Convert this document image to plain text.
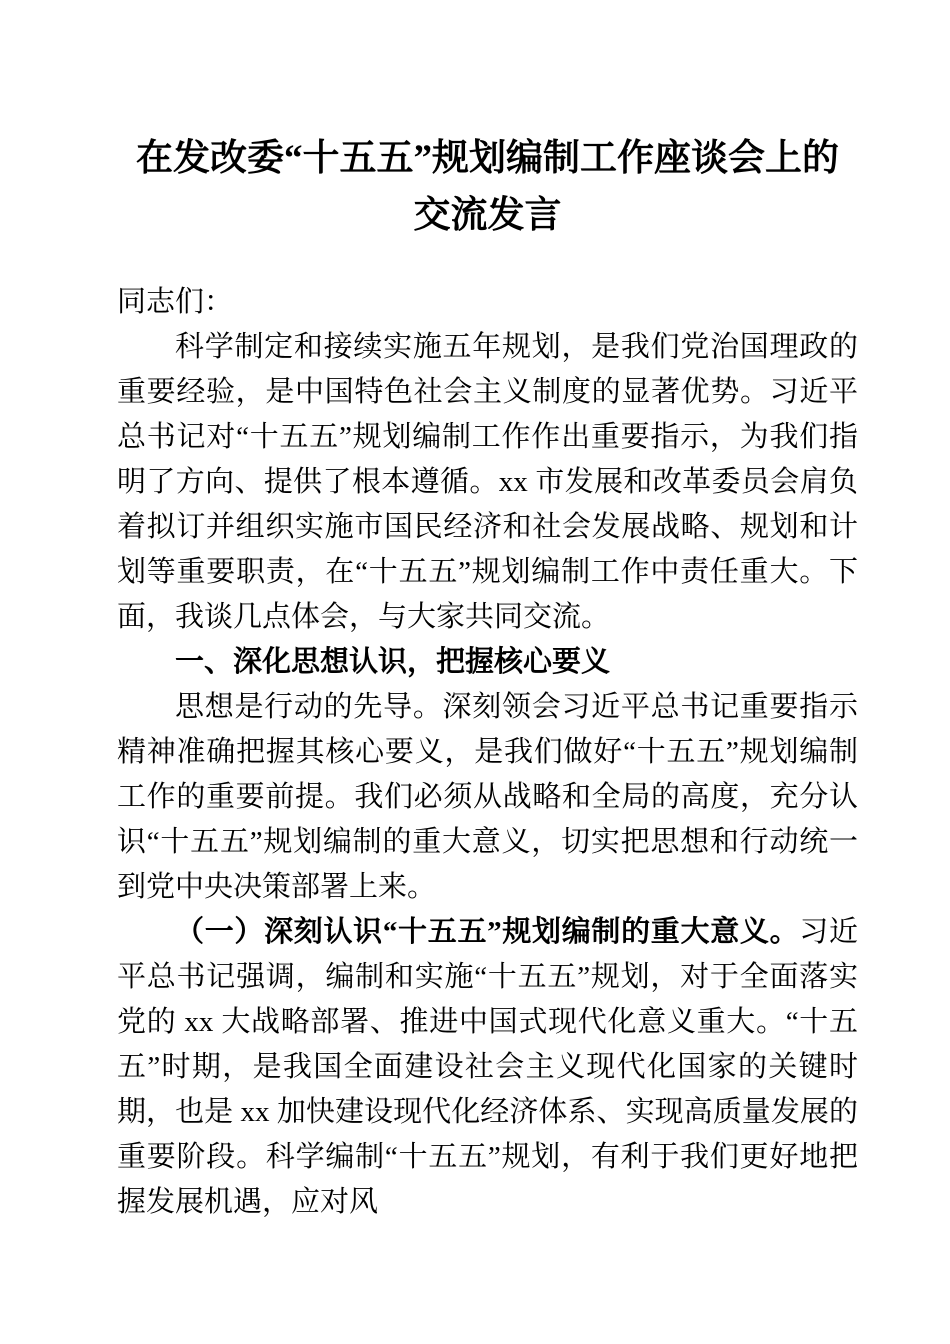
在发改委“十五五”规划编制工作座谈会上的
交流发言

同志们：

科学制定和接续实施五年规划，是我们党治国理政的重要经验，是中国特色社会主义制度的显著优势。习近平总书记对“十五五”规划编制工作作出重要指示，为我们指明了方向、提供了根本遵循。xx 市发展和改革委员会肩负着拟订并组织实施市国民经济和社会发展战略、规划和计划等重要职责，在“十五五”规划编制工作中责任重大。下面，我谈几点体会，与大家共同交流。

一、深化思想认识，把握核心要义

思想是行动的先导。深刻领会习近平总书记重要指示精神准确把握其核心要义，是我们做好“十五五”规划编制工作的重要前提。我们必须从战略和全局的高度，充分认识“十五五”规划编制的重大意义，切实把思想和行动统一到党中央决策部署上来。

（一）深刻认识“十五五”规划编制的重大意义。习近平总书记强调，编制和实施“十五五”规划，对于全面落实党的 xx 大战略部署、推进中国式现代化意义重大。“十五五”时期，是我国全面建设社会主义现代化国家的关键时期，也是 xx 加快建设现代化经济体系、实现高质量发展的重要阶段。科学编制“十五五”规划，有利于我们更好地把握发展机遇，应对风
